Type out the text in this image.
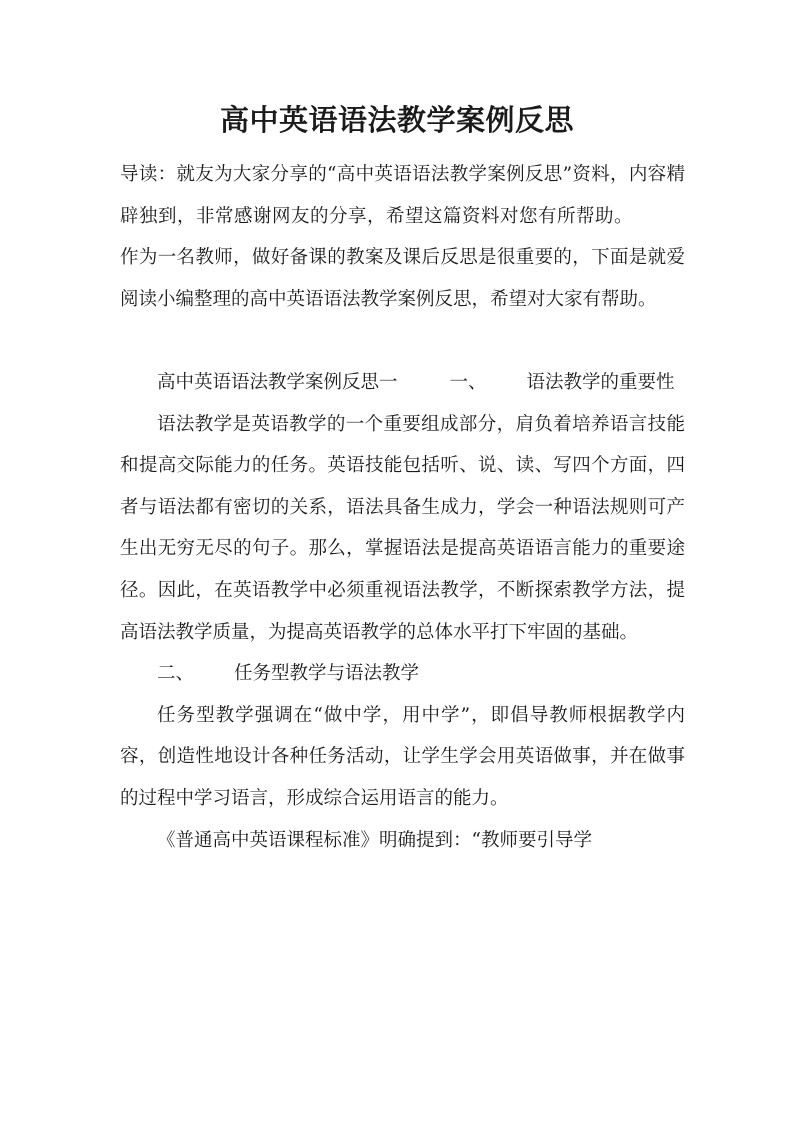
高中英语语法教学案例反思

导读：就友为大家分享的“高中英语语法教学案例反思”资料，内容精辟独到，非常感谢网友的分享，希望这篇资料对您有所帮助。作为一名教师，做好备课的教案及课后反思是很重要的，下面是就爱阅读小编整理的高中英语语法教学案例反思，希望对大家有帮助。

高中英语语法教学案例反思一	一、 语法教学的重要性

语法教学是英语教学的一个重要组成部分，肩负着培养语言技能和提高交际能力的任务。英语技能包括听、说、读、写四个方面，四者与语法都有密切的关系，语法具备生成力，学会一种语法规则可产生出无穷无尽的句子。那么，掌握语法是提高英语语言能力的重要途径。因此，在英语教学中必须重视语法教学，不断探索教学方法，提高语法教学质量，为提高英语教学的总体水平打下牢固的基础。

二、 任务型教学与语法教学

任务型教学强调在“做中学，用中学”，即倡导教师根据教学内容，创造性地设计各种任务活动，让学生学会用英语做事，并在做事的过程中学习语言，形成综合运用语言的能力。

《普通高中英语课程标准》明确提到：“教师要引导学
